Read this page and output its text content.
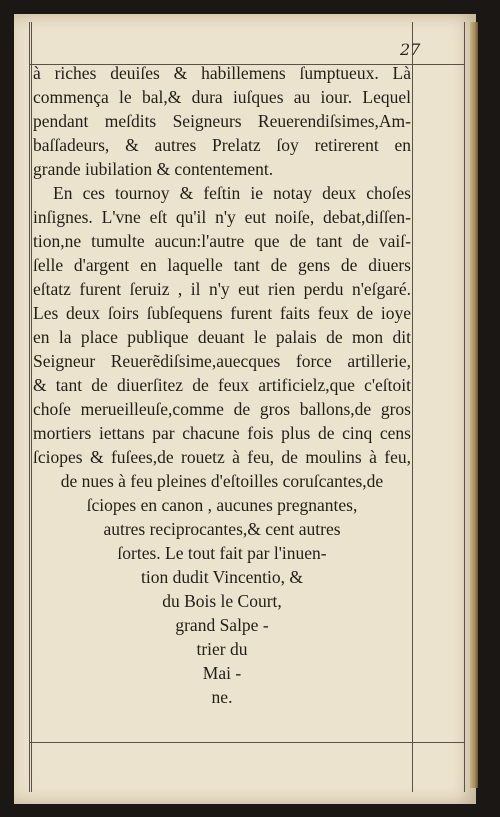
27
à riches deuiſes & habillemens ſumptueux. Là
commença le bal,& dura iuſques au iour. Lequel
pendant meſdits Seigneurs Reuerendiſsimes,Am-
baſſadeurs, & autres Prelatz ſoy retirerent en
grande iubilation & contentement.
En ces tournoy & feſtin ie notay deux choſes
inſignes. L'vne eſt qu'il n'y eut noiſe, debat,diſſen-
tion,ne tumulte aucun:l'autre que de tant de vaiſ-
ſelle d'argent en laquelle tant de gens de diuers
eſtatz furent ſeruiz , il n'y eut rien perdu n'eſgaré.
Les deux ſoirs ſubſequens furent faits feux de ioye
en la place publique deuant le palais de mon dit
Seigneur Reuerẽdiſsime,auecques force artillerie,
& tant de diuerſitez de feux artificielz,que c'eſtoit
choſe merueilleuſe,comme de gros ballons,de gros
mortiers iettans par chacune fois plus de cinq cens
ſciopes & fuſees,de rouetz à feu, de moulins à feu,
de nues à feu pleines d'eſtoilles coruſcantes,de
ſciopes en canon , aucunes pregnantes,
autres reciprocantes,& cent autres
ſortes. Le tout fait par l'inuen-
tion dudit Vincentio, &
du Bois le Court,
grand Salpe -
trier du
Mai -
ne.
